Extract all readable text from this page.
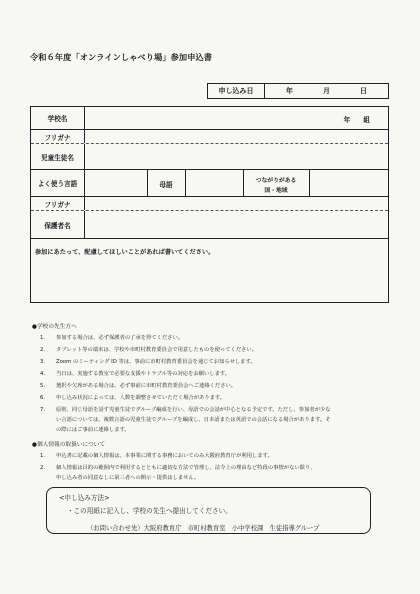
令和６年度「オンラインしゃべり場」参加申込書
申し込み日	年	月	日
学校名	年　　組
フリガナ
児童生徒名
よく使う言語	母語	つながりがある
国・地域
フリガナ
保護者名
参加にあたって、配慮してほしいことがあれば書いてください。
●学校の先生方へ
1. 参加する場合は、必ず保護者の了承を得てください。
2. タブレット等の端末は、学校や市町村教育委員会で用意したものを使ってください。
3. Zoom のミーティング ID 等は、事前に市町村教育委員会を通じてお知らせします。
4. 当日は、実施する教室で必要な支援やトラブル等の対応をお願いします。
5. 選択や欠席がある場合は、必ず事前に市町村教育委員会へご連絡ください。
6. 申し込み状況によっては、人数を調整させていただく場合があります。
7. 原則、同じ母語を話す児童生徒でグループ編成を行い、母語での会話が中心となる予定です。ただし、参加者が少な
い言語については、複数言語の児童生徒でグループを編成し、日本語または英語での会話になる場合があります。そ
の際にはご事前に連絡します。
●個人情報の取扱いについて
1. 申込書に記載の個人情報は、本事業に関する事務においてのみ大阪府教育庁が利用します。
2. 個人情報は目的の範囲内で利用するとともに適切な方法で管理し、法令上の理由など特段の事情がない限り、
申し込み者の同意なしに第三者への開示・提供はしません。
<申し込み方法>
・この用紙に記入し、学校の先生へ提出してください。
（お問い合わせ先）大阪府教育庁　市町村教育室　小中学校課　生徒指導グループ
